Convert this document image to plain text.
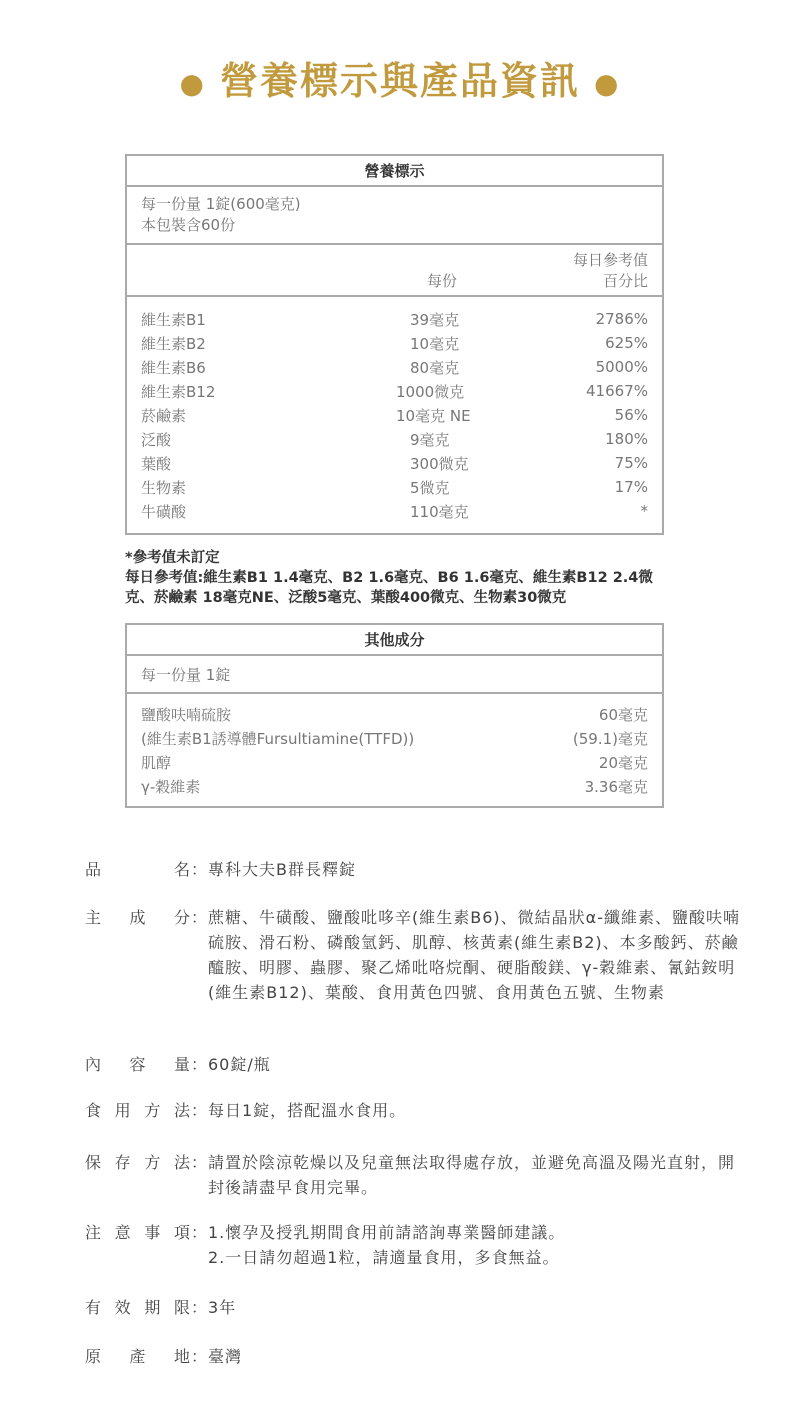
● 營養標示與產品資訊 ●
營養標示		

每一份量 1錠(600毫克)		

本包裝含60份		

	每份	每日參考值
百分比

維生素B1	39毫克	2786%
維生素B2	10毫克	625%
維生素B6	80毫克	5000%
維生素B12	1000微克	41667%
菸鹼素	10毫克 NE	56%
泛酸	9毫克	180%
葉酸	300微克	75%
生物素	5微克	17%
牛磺酸	110毫克	*
*參考值未訂定
每日參考值:維生素B1 1.4毫克、B2 1.6毫克、B6 1.6毫克、維生素B12 2.4微克、菸鹼素 18毫克NE、泛酸5毫克、葉酸400微克、生物素30微克
其他成分	
每一份量 1錠	
鹽酸呋喃硫胺	60毫克
(維生素B1誘導體Fursultiamine(TTFD))	(59.1)毫克
肌醇	20毫克
γ-穀維素	3.36毫克
品	名 ： 專科大夫B群長釋錠
主 成 分 ： 蔗糖、牛磺酸、鹽酸吡哆辛(維生素B6)、微結晶狀α-纖維素、鹽酸呋喃硫胺、滑石粉、磷酸氫鈣、肌醇、核黃素(維生素B2)、本多酸鈣、菸鹼醯胺、明膠、蟲膠、聚乙烯吡咯烷酮、硬脂酸鎂、γ-穀維素、氰鈷銨明(維生素B12)、葉酸、食用黃色四號、食用黃色五號、生物素
內 容 量 ： 60錠/瓶
食 用 方 法 ： 每日1錠，搭配溫水食用。
保 存 方 法 ： 請置於陰涼乾燥以及兒童無法取得處存放，並避免高溫及陽光直射，開封後請盡早食用完畢。
注 意 事 項 ： 1.懷孕及授乳期間食用前請諮詢專業醫師建議。
2.一日請勿超過1粒，請適量食用，多食無益。
有 效 期 限 ： 3年
原 產 地 ： 臺灣
